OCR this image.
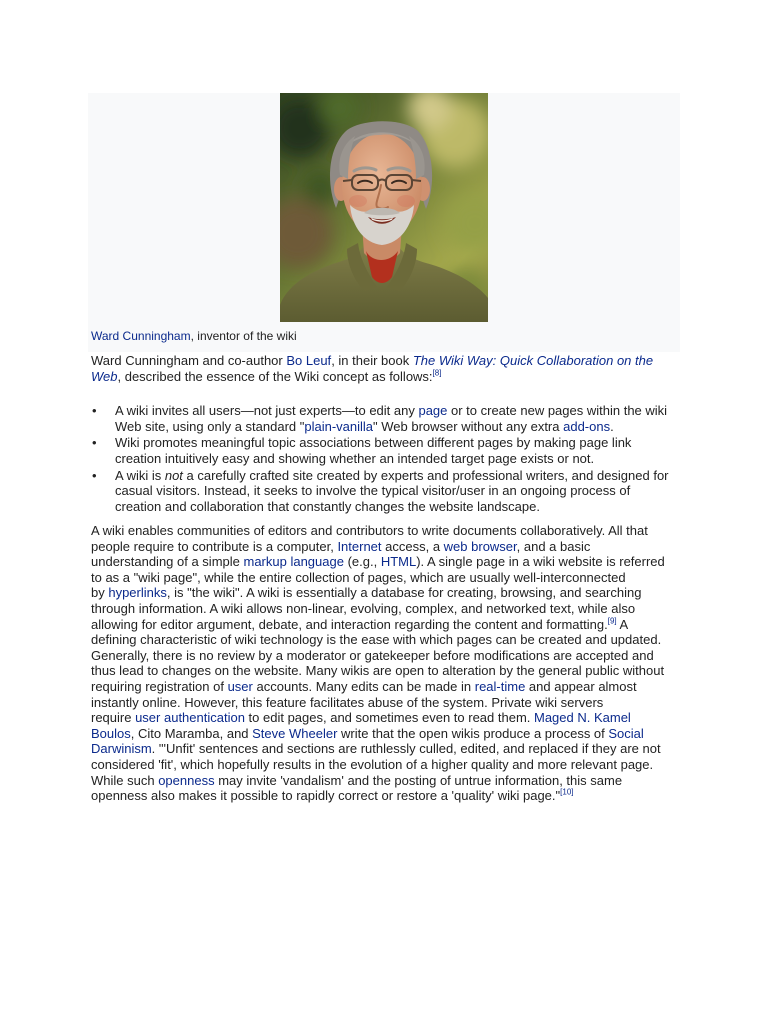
Ward Cunningham, inventor of the wiki
Ward Cunningham and co-author Bo Leuf, in their book The Wiki Way: Quick Collaboration on the
Web, described the essence of the Wiki concept as follows:[8]
• A wiki invites all users—not just experts—to edit any page or to create new pages within the wiki
Web site, using only a standard "plain-vanilla" Web browser without any extra add-ons.
• Wiki promotes meaningful topic associations between different pages by making page link
creation intuitively easy and showing whether an intended target page exists or not.
• A wiki is not a carefully crafted site created by experts and professional writers, and designed for
casual visitors. Instead, it seeks to involve the typical visitor/user in an ongoing process of
creation and collaboration that constantly changes the website landscape.
A wiki enables communities of editors and contributors to write documents collaboratively. All that
people require to contribute is a computer, Internet access, a web browser, and a basic
understanding of a simple markup language (e.g., HTML). A single page in a wiki website is referred
to as a "wiki page", while the entire collection of pages, which are usually well-interconnected
by hyperlinks, is "the wiki". A wiki is essentially a database for creating, browsing, and searching
through information. A wiki allows non-linear, evolving, complex, and networked text, while also
allowing for editor argument, debate, and interaction regarding the content and formatting.[9] A
defining characteristic of wiki technology is the ease with which pages can be created and updated.
Generally, there is no review by a moderator or gatekeeper before modifications are accepted and
thus lead to changes on the website. Many wikis are open to alteration by the general public without
requiring registration of user accounts. Many edits can be made in real-time and appear almost
instantly online. However, this feature facilitates abuse of the system. Private wiki servers
require user authentication to edit pages, and sometimes even to read them. Maged N. Kamel
Boulos, Cito Maramba, and Steve Wheeler write that the open wikis produce a process of Social
Darwinism. "'Unfit' sentences and sections are ruthlessly culled, edited, and replaced if they are not
considered 'fit', which hopefully results in the evolution of a higher quality and more relevant page.
While such openness may invite 'vandalism' and the posting of untrue information, this same
openness also makes it possible to rapidly correct or restore a 'quality' wiki page."[10]
